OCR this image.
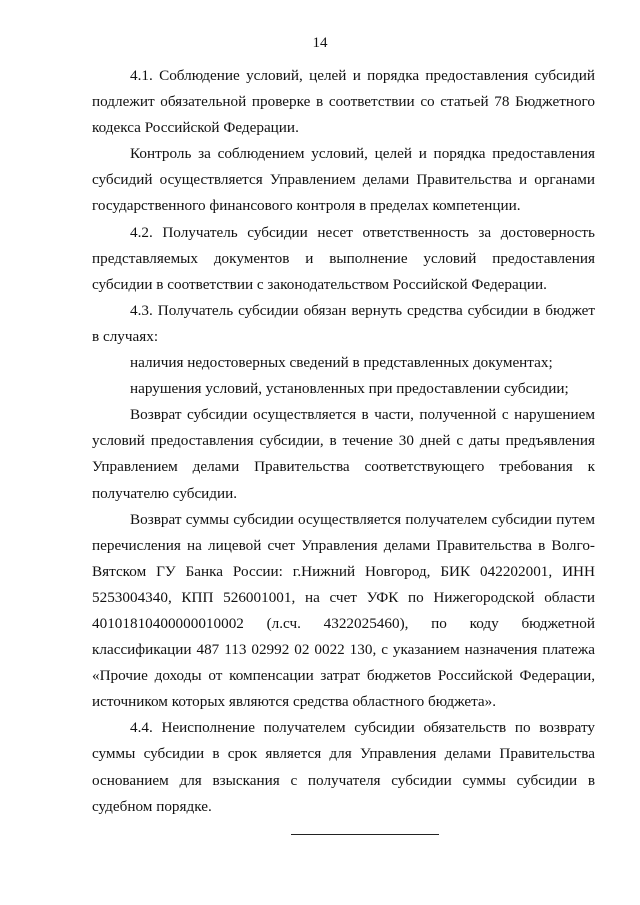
14

4.1. Соблюдение условий, целей и порядка предоставления субсидий подлежит обязательной проверке в соответствии со статьей 78 Бюджетного кодекса Российской Федерации.

Контроль за соблюдением условий, целей и порядка предоставления субсидий осуществляется Управлением делами Правительства и органами государственного финансового контроля в пределах компетенции.

4.2. Получатель субсидии несет ответственность за достоверность представляемых документов и выполнение условий предоставления субсидии в соответствии с законодательством Российской Федерации.

4.3. Получатель субсидии обязан вернуть средства субсидии в бюджет в случаях:

наличия недостоверных сведений в представленных документах;

нарушения условий, установленных при предоставлении субсидии;

Возврат субсидии осуществляется в части, полученной с нарушением условий предоставления субсидии, в течение 30 дней с даты предъявления Управлением делами Правительства соответствующего требования к получателю субсидии.

Возврат суммы субсидии осуществляется получателем субсидии путем перечисления на лицевой счет Управления делами Правительства в Волго-Вятском ГУ Банка России: г.Нижний Новгород, БИК 042202001, ИНН 5253004340, КПП 526001001, на счет УФК по Нижегородской области 40101810400000010002 (л.сч. 4322025460), по коду бюджетной классификации 487 113 02992 02 0022 130, с указанием назначения платежа «Прочие доходы от компенсации затрат бюджетов Российской Федерации, источником которых являются средства областного бюджета».

4.4. Неисполнение получателем субсидии обязательств по возврату суммы субсидии в срок является для Управления делами Правительства основанием для взыскания с получателя субсидии суммы субсидии в судебном порядке.
